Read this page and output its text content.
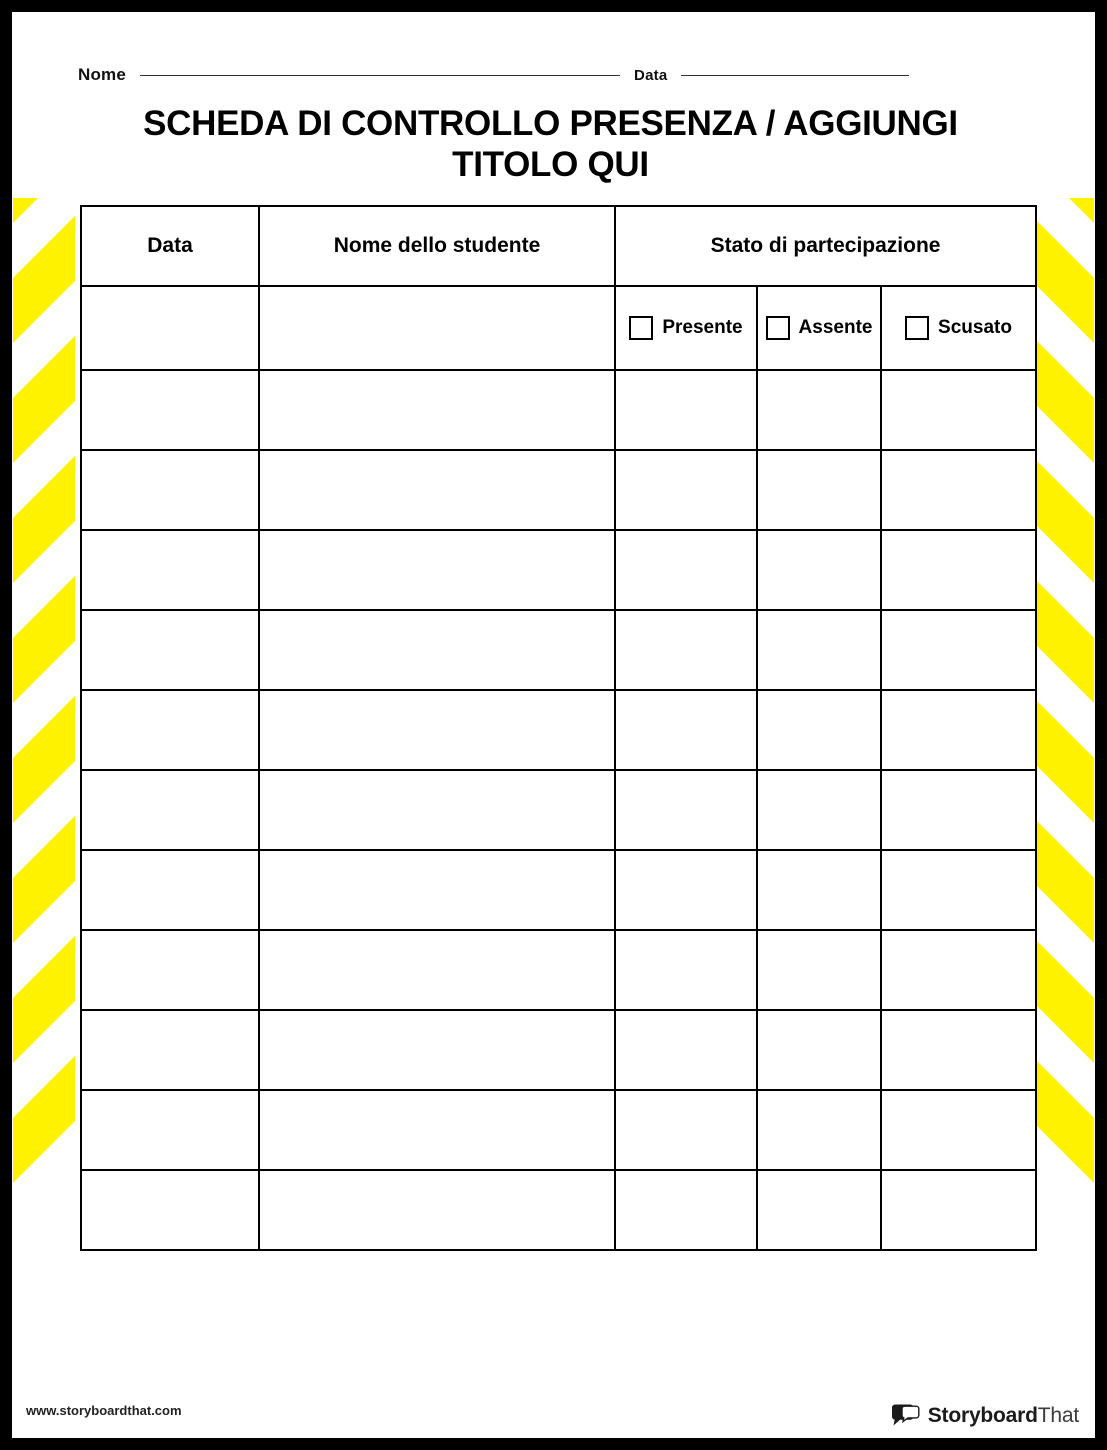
Nome	Data
SCHEDA DI CONTROLLO PRESENZA / AGGIUNGI TITOLO QUI
Data	Nome dello studente	Stato di partecipazione		

		Presente	Assente	Scusato

www.storyboardthat.com	StoryboardThat
